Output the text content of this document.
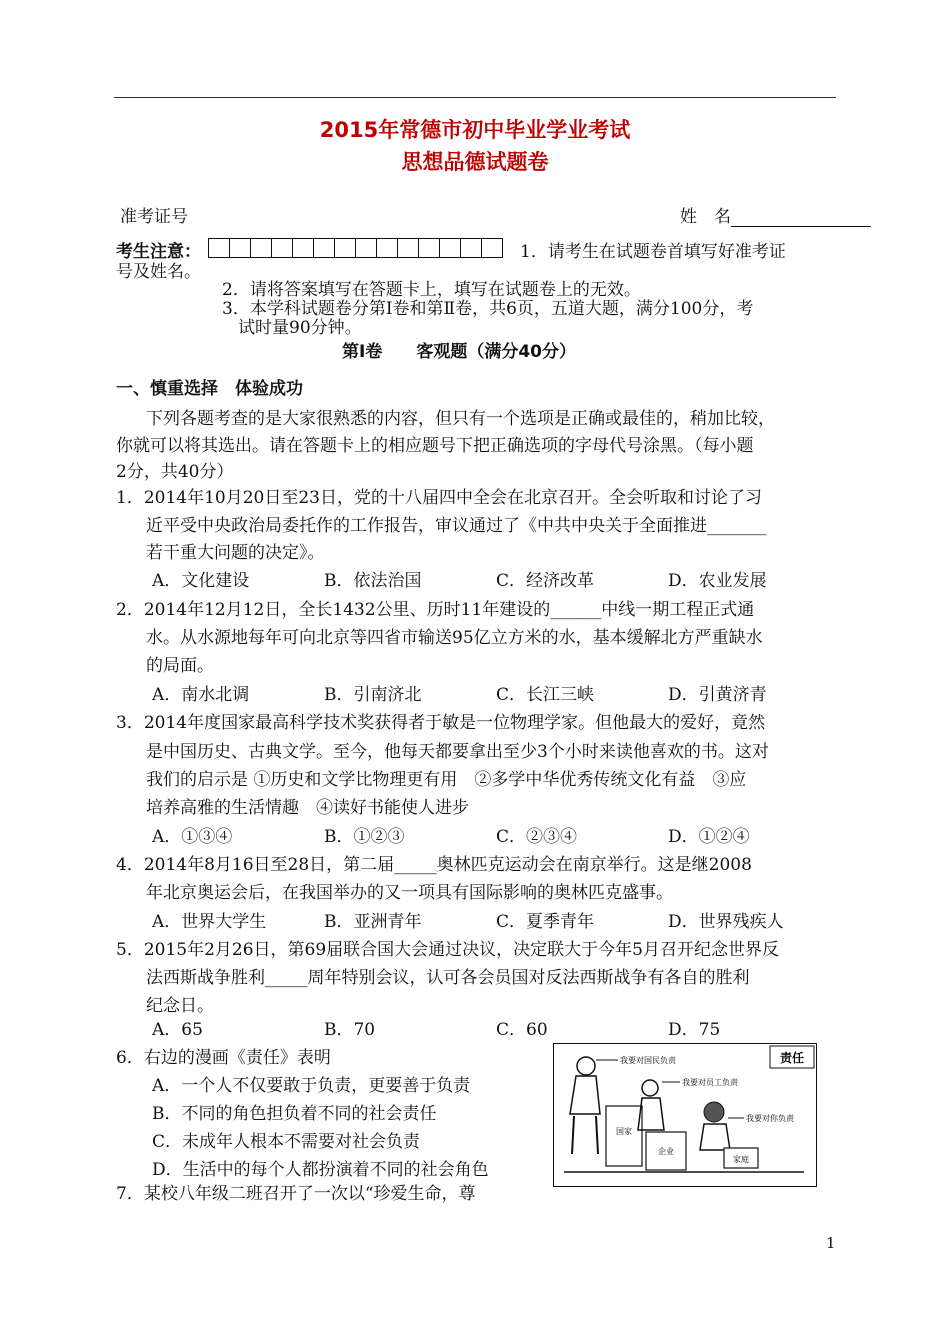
2015年常德市初中毕业学业考试
思想品德试题卷
准考证号	姓　名
考生注意：	1．请考生在试题卷首填写好准考证
号及姓名。
2．请将答案填写在答题卡上，填写在试题卷上的无效。
3．本学科试题卷分第Ⅰ卷和第Ⅱ卷，共6页，五道大题，满分100分，考
试时量90分钟。
第Ⅰ卷　　客观题（满分40分）
一、慎重选择　体验成功
下列各题考查的是大家很熟悉的内容，但只有一个选项是正确或最佳的，稍加比较，
你就可以将其选出。请在答题卡上的相应题号下把正确选项的字母代号涂黑。（每小题
2分，共40分）
1．2014年10月20日至23日，党的十八届四中全会在北京召开。全会听取和讨论了习
近平受中央政治局委托作的工作报告，审议通过了《中共中央关于全面推进_______
若干重大问题的决定》。
A．文化建设	B．依法治国	C．经济改革	D．农业发展
2．2014年12月12日，全长1432公里、历时11年建设的______中线一期工程正式通
水。从水源地每年可向北京等四省市输送95亿立方米的水，基本缓解北方严重缺水
的局面。
A．南水北调	B．引南济北	C．长江三峡	D．引黄济青
3．2014年度国家最高科学技术奖获得者于敏是一位物理学家。但他最大的爱好，竟然
是中国历史、古典文学。至今，他每天都要拿出至少3个小时来读他喜欢的书。这对
我们的启示是 ①历史和文学比物理更有用　②多学中华优秀传统文化有益　③应
培养高雅的生活情趣　④读好书能使人进步
A．①③④	B．①②③	C．②③④	D．①②④
4．2014年8月16日至28日，第二届_____奥林匹克运动会在南京举行。这是继2008
年北京奥运会后，在我国举办的又一项具有国际影响的奥林匹克盛事。
A．世界大学生	B．亚洲青年	C．夏季青年	D．世界残疾人
5．2015年2月26日，第69届联合国大会通过决议，决定联大于今年5月召开纪念世界反
法西斯战争胜利_____周年特别会议，认可各会员国对反法西斯战争有各自的胜利
纪念日。
A．65	B．70	C．60	D．75
6．右边的漫画《责任》表明
A．一个人不仅要敢于负责，更要善于负责
B．不同的角色担负着不同的社会责任
C．未成年人根本不需要对社会负责
D．生活中的每个人都扮演着不同的社会角色
7．某校八年级二班召开了一次以“珍爱生命，尊
责任
国家
我要对国民负责
企业
我要对员工负责
家庭
我要对你负责
1
